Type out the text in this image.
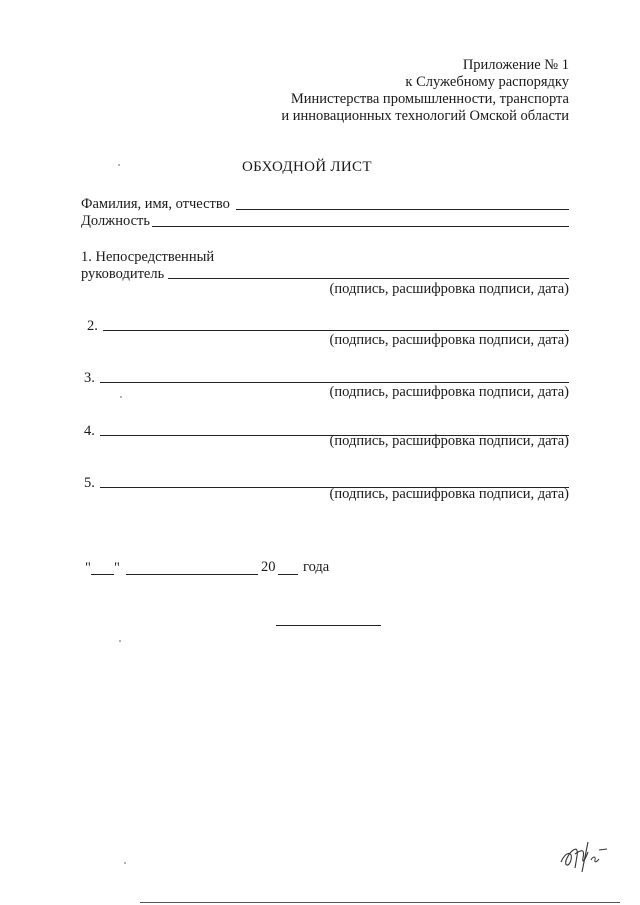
Приложение № 1
к Служебному распорядку
Министерства промышленности, транспорта
и инновационных технологий Омской области
ОБХОДНОЙ ЛИСТ
Фамилия, имя, отчество
Должность
1. Непосредственный
руководитель
(подпись, расшифровка подписи, дата)
2.
(подпись, расшифровка подписи, дата)
3.
(подпись, расшифровка подписи, дата)
4.
(подпись, расшифровка подписи, дата)
5.
(подпись, расшифровка подписи, дата)
" "	20 года
